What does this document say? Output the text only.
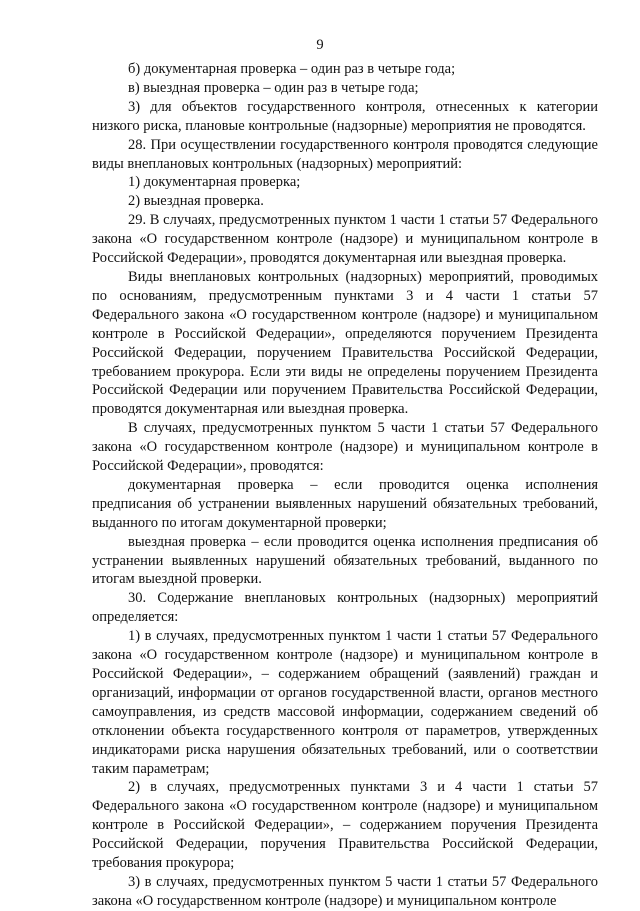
9

б) документарная проверка – один раз в четыре года;

в) выездная проверка – один раз в четыре года;

3) для объектов государственного контроля, отнесенных к категории низкого риска, плановые контрольные (надзорные) мероприятия не проводятся.

28. При осуществлении государственного контроля проводятся следующие виды внеплановых контрольных (надзорных) мероприятий:

1) документарная проверка;

2) выездная проверка.

29. В случаях, предусмотренных пунктом 1 части 1 статьи 57 Федерального закона «О государственном контроле (надзоре) и муниципальном контроле в Российской Федерации», проводятся документарная или выездная проверка.

Виды внеплановых контрольных (надзорных) мероприятий, проводимых по основаниям, предусмотренным пунктами 3 и 4 части 1 статьи 57 Федерального закона «О государственном контроле (надзоре) и муниципальном контроле в Российской Федерации», определяются поручением Президента Российской Федерации, поручением Правительства Российской Федерации, требованием прокурора. Если эти виды не определены поручением Президента Российской Федерации или поручением Правительства Российской Федерации, проводятся документарная или выездная проверка.

В случаях, предусмотренных пунктом 5 части 1 статьи 57 Федерального закона «О государственном контроле (надзоре) и муниципальном контроле в Российской Федерации», проводятся:

документарная проверка – если проводится оценка исполнения предписания об устранении выявленных нарушений обязательных требований, выданного по итогам документарной проверки;

выездная проверка – если проводится оценка исполнения предписания об устранении выявленных нарушений обязательных требований, выданного по итогам выездной проверки.

30. Содержание внеплановых контрольных (надзорных) мероприятий определяется:

1) в случаях, предусмотренных пунктом 1 части 1 статьи 57 Федерального закона «О государственном контроле (надзоре) и муниципальном контроле в Российской Федерации», – содержанием обращений (заявлений) граждан и организаций, информации от органов государственной власти, органов местного самоуправления, из средств массовой информации, содержанием сведений об отклонении объекта государственного контроля от параметров, утвержденных индикаторами риска нарушения обязательных требований, или о соответствии таким параметрам;

2) в случаях, предусмотренных пунктами 3 и 4 части 1 статьи 57 Федерального закона «О государственном контроле (надзоре) и муниципальном контроле в Российской Федерации», – содержанием поручения Президента Российской Федерации, поручения Правительства Российской Федерации, требования прокурора;

3) в случаях, предусмотренных пунктом 5 части 1 статьи 57 Федерального закона «О государственном контроле (надзоре) и муниципальном контроле
